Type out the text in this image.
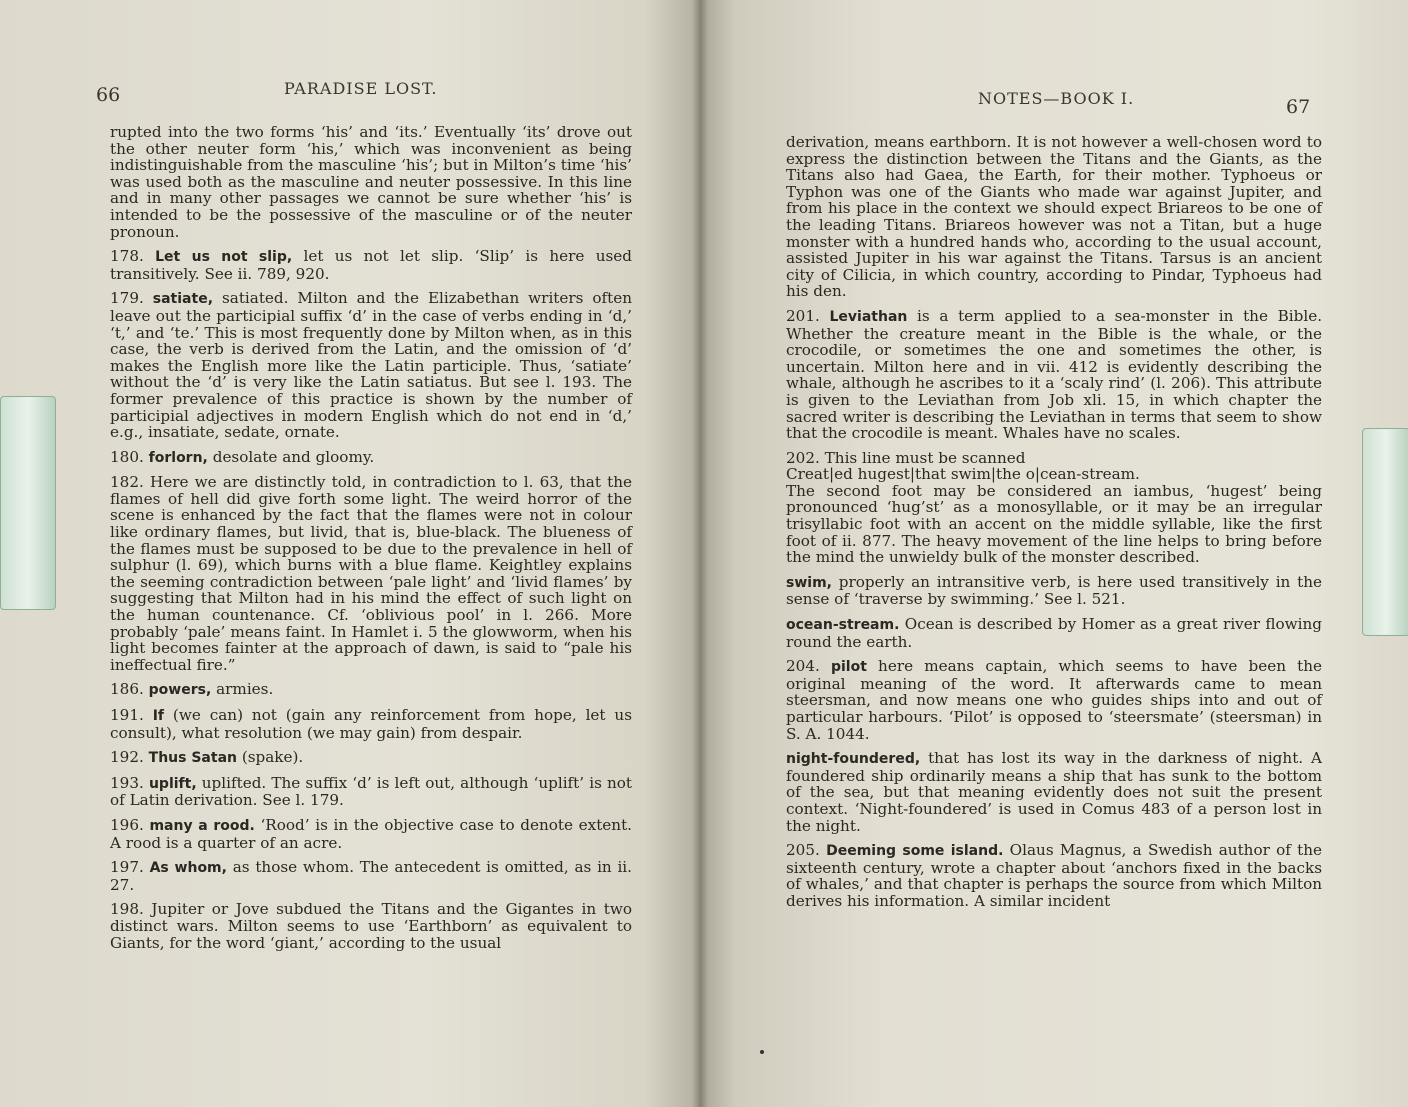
66	PARADISE LOST.

rupted into the two forms ‘his’ and ‘its.’ Eventually ‘its’ drove out the other neuter form ‘his,’ which was inconvenient as being indistinguishable from the masculine ‘his’; but in Milton’s time ‘his’ was used both as the masculine and neuter possessive. In this line and in many other passages we cannot be sure whether ‘his’ is intended to be the possessive of the masculine or of the neuter pronoun.

178. Let us not slip, let us not let slip. ‘Slip’ is here used transitively. See ii. 789, 920.

179. satiate, satiated. Milton and the Elizabethan writers often leave out the participial suffix ‘d’ in the case of verbs ending in ‘d,’ ‘t,’ and ‘te.’ This is most frequently done by Milton when, as in this case, the verb is derived from the Latin, and the omission of ‘d’ makes the English more like the Latin participle. Thus, ‘satiate’ without the ‘d’ is very like the Latin satiatus. But see l. 193. The former prevalence of this practice is shown by the number of participial adjectives in modern English which do not end in ‘d,’ e.g., insatiate, sedate, ornate.

180. forlorn, desolate and gloomy.

182. Here we are distinctly told, in contradiction to l. 63, that the flames of hell did give forth some light. The weird horror of the scene is enhanced by the fact that the flames were not in colour like ordinary flames, but livid, that is, blue-black. The blueness of the flames must be supposed to be due to the prevalence in hell of sulphur (l. 69), which burns with a blue flame. Keightley explains the seeming contradiction between ‘pale light’ and ‘livid flames’ by suggesting that Milton had in his mind the effect of such light on the human countenance. Cf. ‘oblivious pool’ in l. 266. More probably ‘pale’ means faint. In Hamlet i. 5 the glowworm, when his light becomes fainter at the approach of dawn, is said to “pale his ineffectual fire.”

186. powers, armies.

191. If (we can) not (gain any reinforcement from hope, let us consult), what resolution (we may gain) from despair.

192. Thus Satan (spake).

193. uplift, uplifted. The suffix ‘d’ is left out, although ‘uplift’ is not of Latin derivation. See l. 179.

196. many a rood. ‘Rood’ is in the objective case to denote extent. A rood is a quarter of an acre.

197. As whom, as those whom. The antecedent is omitted, as in ii. 27.

198. Jupiter or Jove subdued the Titans and the Gigantes in two distinct wars. Milton seems to use ‘Earthborn’ as equivalent to Giants, for the word ‘giant,’ according to the usual

NOTES—BOOK I.	67

derivation, means earthborn. It is not however a well-chosen word to express the distinction between the Titans and the Giants, as the Titans also had Gaea, the Earth, for their mother. Typhoeus or Typhon was one of the Giants who made war against Jupiter, and from his place in the context we should expect Briareos to be one of the leading Titans. Briareos however was not a Titan, but a huge monster with a hundred hands who, according to the usual account, assisted Jupiter in his war against the Titans. Tarsus is an ancient city of Cilicia, in which country, according to Pindar, Typhoeus had his den.

201. Leviathan is a term applied to a sea-monster in the Bible. Whether the creature meant in the Bible is the whale, or the crocodile, or sometimes the one and sometimes the other, is uncertain. Milton here and in vii. 412 is evidently describing the whale, although he ascribes to it a ‘scaly rind’ (l. 206). This attribute is given to the Leviathan from Job xli. 15, in which chapter the sacred writer is describing the Leviathan in terms that seem to show that the crocodile is meant. Whales have no scales.

202. This line must be scanned

Creat|ed hugest|that swim|the o|cean-stream.

The second foot may be considered an iambus, ‘hugest’ being pronounced ‘hug’st’ as a monosyllable, or it may be an irregular trisyllabic foot with an accent on the middle syllable, like the first foot of ii. 877. The heavy movement of the line helps to bring before the mind the unwieldy bulk of the monster described.

swim, properly an intransitive verb, is here used transitively in the sense of ‘traverse by swimming.’ See l. 521.

ocean-stream. Ocean is described by Homer as a great river flowing round the earth.

204. pilot here means captain, which seems to have been the original meaning of the word. It afterwards came to mean steersman, and now means one who guides ships into and out of particular harbours. ‘Pilot’ is opposed to ‘steersmate’ (steersman) in S. A. 1044.

night-foundered, that has lost its way in the darkness of night. A foundered ship ordinarily means a ship that has sunk to the bottom of the sea, but that meaning evidently does not suit the present context. ‘Night-foundered’ is used in Comus 483 of a person lost in the night.

205. Deeming some island. Olaus Magnus, a Swedish author of the sixteenth century, wrote a chapter about ‘anchors fixed in the backs of whales,’ and that chapter is perhaps the source from which Milton derives his information. A similar incident
